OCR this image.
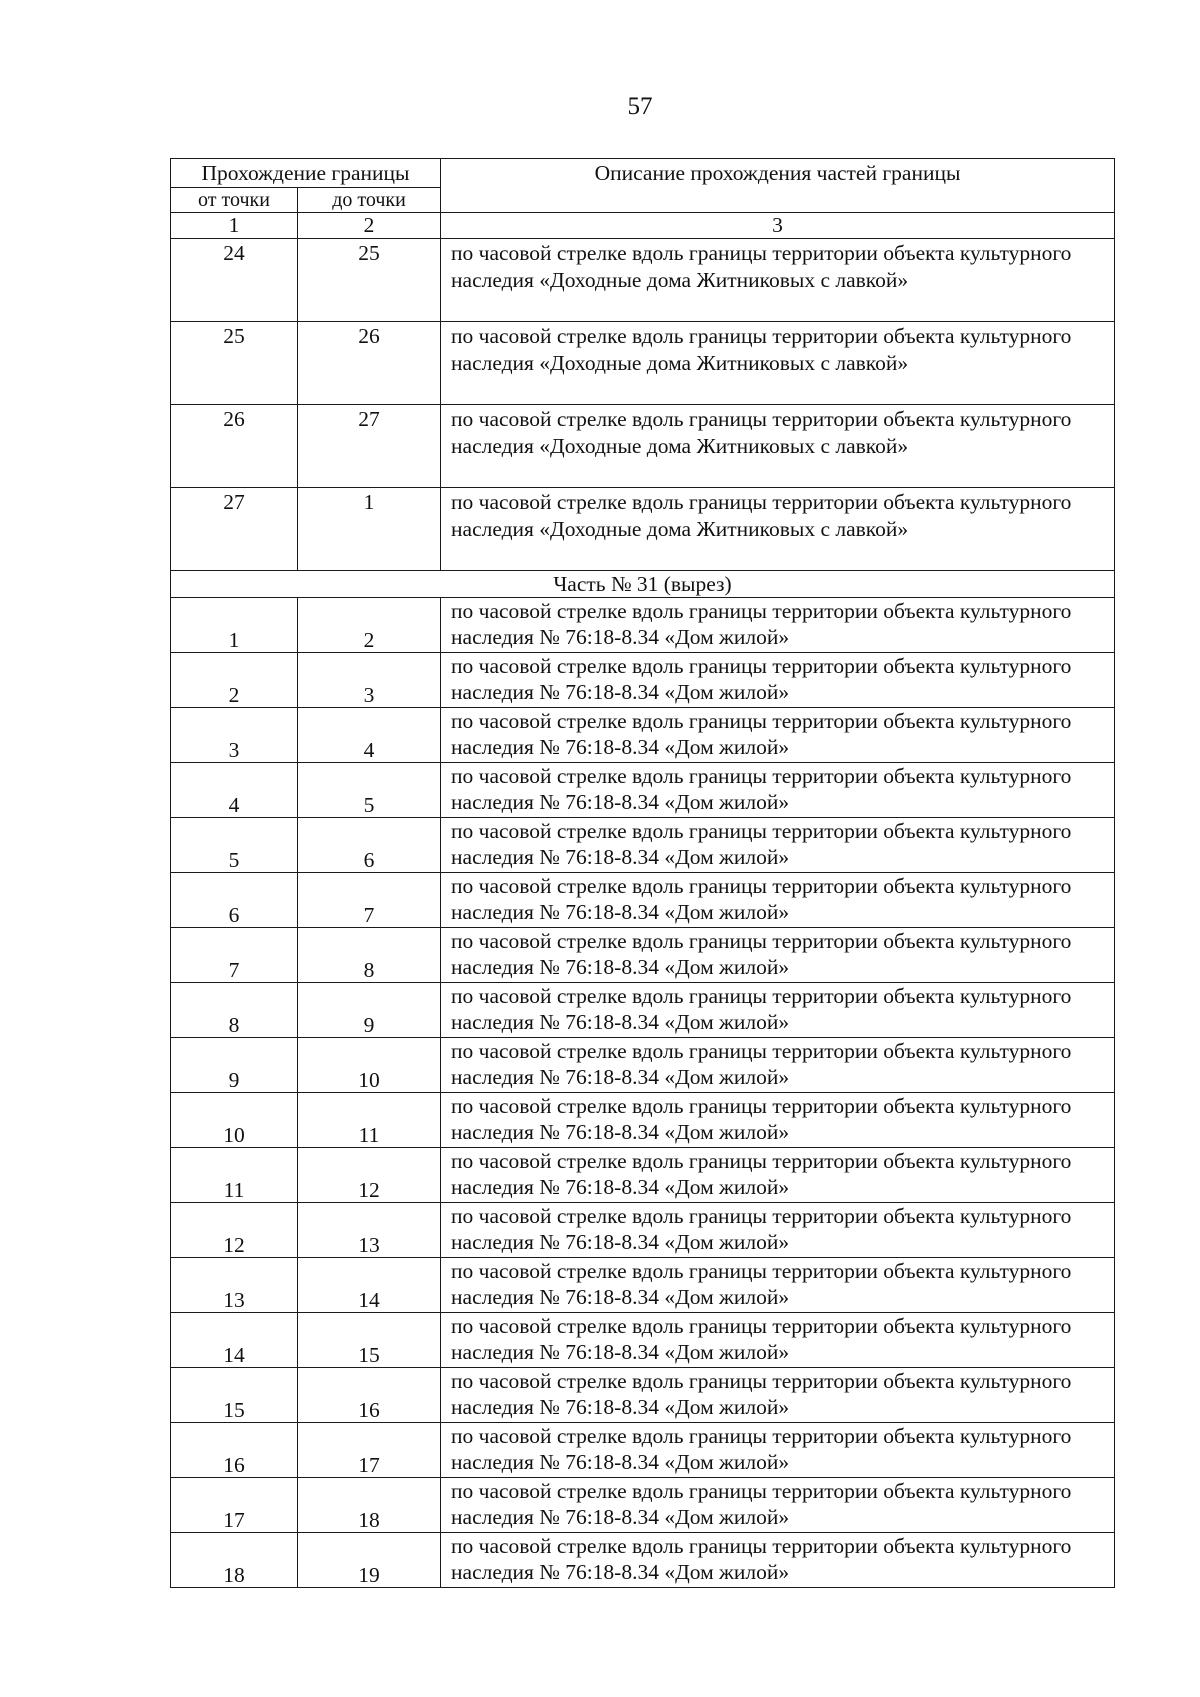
57
Прохождение границы		Описание прохождения частей границы
от точки	до точки	
1	2	3
24	25	по часовой стрелке вдоль границы территории объекта культурного наследия «Доходные дома Житниковых с лавкой»
25	26	по часовой стрелке вдоль границы территории объекта культурного наследия «Доходные дома Житниковых с лавкой»
26	27	по часовой стрелке вдоль границы территории объекта культурного наследия «Доходные дома Житниковых с лавкой»
27	1	по часовой стрелке вдоль границы территории объекта культурного наследия «Доходные дома Житниковых с лавкой»
Часть № 31 (вырез)		
1	2	по часовой стрелке вдоль границы территории объекта культурного наследия № 76:18-8.34 «Дом жилой»
2	3	по часовой стрелке вдоль границы территории объекта культурного наследия № 76:18-8.34 «Дом жилой»
3	4	по часовой стрелке вдоль границы территории объекта культурного наследия № 76:18-8.34 «Дом жилой»
4	5	по часовой стрелке вдоль границы территории объекта культурного наследия № 76:18-8.34 «Дом жилой»
5	6	по часовой стрелке вдоль границы территории объекта культурного наследия № 76:18-8.34 «Дом жилой»
6	7	по часовой стрелке вдоль границы территории объекта культурного наследия № 76:18-8.34 «Дом жилой»
7	8	по часовой стрелке вдоль границы территории объекта культурного наследия № 76:18-8.34 «Дом жилой»
8	9	по часовой стрелке вдоль границы территории объекта культурного наследия № 76:18-8.34 «Дом жилой»
9	10	по часовой стрелке вдоль границы территории объекта культурного наследия № 76:18-8.34 «Дом жилой»
10	11	по часовой стрелке вдоль границы территории объекта культурного наследия № 76:18-8.34 «Дом жилой»
11	12	по часовой стрелке вдоль границы территории объекта культурного наследия № 76:18-8.34 «Дом жилой»
12	13	по часовой стрелке вдоль границы территории объекта культурного наследия № 76:18-8.34 «Дом жилой»
13	14	по часовой стрелке вдоль границы территории объекта культурного наследия № 76:18-8.34 «Дом жилой»
14	15	по часовой стрелке вдоль границы территории объекта культурного наследия № 76:18-8.34 «Дом жилой»
15	16	по часовой стрелке вдоль границы территории объекта культурного наследия № 76:18-8.34 «Дом жилой»
16	17	по часовой стрелке вдоль границы территории объекта культурного наследия № 76:18-8.34 «Дом жилой»
17	18	по часовой стрелке вдоль границы территории объекта культурного наследия № 76:18-8.34 «Дом жилой»
18	19	по часовой стрелке вдоль границы территории объекта культурного наследия № 76:18-8.34 «Дом жилой»
